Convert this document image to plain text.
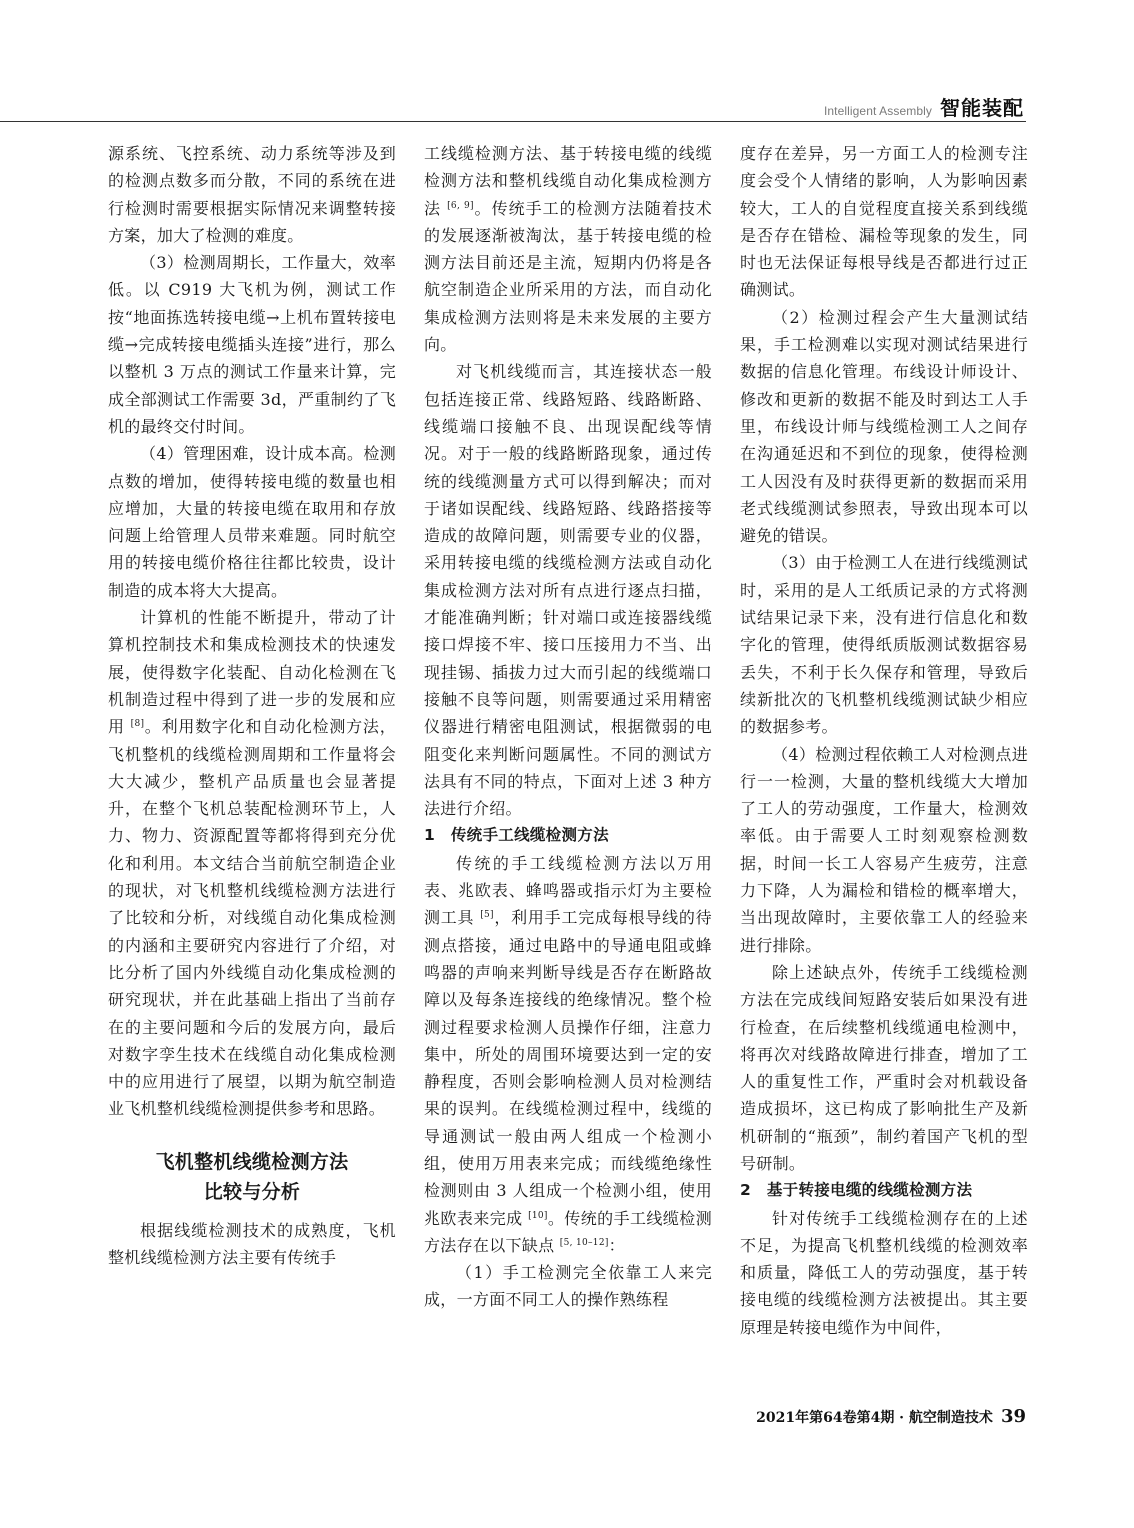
Intelligent Assembly 智能装配

源系统、飞控系统、动力系统等涉及到的检测点数多而分散，不同的系统在进行检测时需要根据实际情况来调整转接方案，加大了检测的难度。

（3）检测周期长，工作量大，效率低。以 C919 大飞机为例，测试工作按“地面拣选转接电缆→上机布置转接电缆→完成转接电缆插头连接”进行，那么以整机 3 万点的测试工作量来计算，完成全部测试工作需要 3d，严重制约了飞机的最终交付时间。

（4）管理困难，设计成本高。检测点数的增加，使得转接电缆的数量也相应增加，大量的转接电缆在取用和存放问题上给管理人员带来难题。同时航空用的转接电缆价格往往都比较贵，设计制造的成本将大大提高。

计算机的性能不断提升，带动了计算机控制技术和集成检测技术的快速发展，使得数字化装配、自动化检测在飞机制造过程中得到了进一步的发展和应用 [8]。利用数字化和自动化检测方法，飞机整机的线缆检测周期和工作量将会大大减少，整机产品质量也会显著提升，在整个飞机总装配检测环节上，人力、物力、资源配置等都将得到充分优化和利用。本文结合当前航空制造企业的现状，对飞机整机线缆检测方法进行了比较和分析，对线缆自动化集成检测的内涵和主要研究内容进行了介绍，对比分析了国内外线缆自动化集成检测的研究现状，并在此基础上指出了当前存在的主要问题和今后的发展方向，最后对数字孪生技术在线缆自动化集成检测中的应用进行了展望，以期为航空制造业飞机整机线缆检测提供参考和思路。

飞机整机线缆检测方法
比较与分析

根据线缆检测技术的成熟度，飞机整机线缆检测方法主要有传统手

工线缆检测方法、基于转接电缆的线缆检测方法和整机线缆自动化集成检测方法 [6, 9]。传统手工的检测方法随着技术的发展逐渐被淘汰，基于转接电缆的检测方法目前还是主流，短期内仍将是各航空制造企业所采用的方法，而自动化集成检测方法则将是未来发展的主要方向。

对飞机线缆而言，其连接状态一般包括连接正常、线路短路、线路断路、线缆端口接触不良、出现误配线等情况。对于一般的线路断路现象，通过传统的线缆测量方式可以得到解决；而对于诸如误配线、线路短路、线路搭接等造成的故障问题，则需要专业的仪器，采用转接电缆的线缆检测方法或自动化集成检测方法对所有点进行逐点扫描，才能准确判断；针对端口或连接器线缆接口焊接不牢、接口压接用力不当、出现挂锡、插拔力过大而引起的线缆端口接触不良等问题，则需要通过采用精密仪器进行精密电阻测试，根据微弱的电阻变化来判断问题属性。不同的测试方法具有不同的特点，下面对上述 3 种方法进行介绍。

1　传统手工线缆检测方法

传统的手工线缆检测方法以万用表、兆欧表、蜂鸣器或指示灯为主要检测工具 [5]，利用手工完成每根导线的待测点搭接，通过电路中的导通电阻或蜂鸣器的声响来判断导线是否存在断路故障以及每条连接线的绝缘情况。整个检测过程要求检测人员操作仔细，注意力集中，所处的周围环境要达到一定的安静程度，否则会影响检测人员对检测结果的误判。在线缆检测过程中，线缆的导通测试一般由两人组成一个检测小组，使用万用表来完成；而线缆绝缘性检测则由 3 人组成一个检测小组，使用兆欧表来完成 [10]。传统的手工线缆检测方法存在以下缺点 [5, 10–12]：

（1）手工检测完全依靠工人来完成，一方面不同工人的操作熟练程

度存在差异，另一方面工人的检测专注度会受个人情绪的影响，人为影响因素较大，工人的自觉程度直接关系到线缆是否存在错检、漏检等现象的发生，同时也无法保证每根导线是否都进行过正确测试。

（2）检测过程会产生大量测试结果，手工检测难以实现对测试结果进行数据的信息化管理。布线设计师设计、修改和更新的数据不能及时到达工人手里，布线设计师与线缆检测工人之间存在沟通延迟和不到位的现象，使得检测工人因没有及时获得更新的数据而采用老式线缆测试参照表，导致出现本可以避免的错误。

（3）由于检测工人在进行线缆测试时，采用的是人工纸质记录的方式将测试结果记录下来，没有进行信息化和数字化的管理，使得纸质版测试数据容易丢失，不利于长久保存和管理，导致后续新批次的飞机整机线缆测试缺少相应的数据参考。

（4）检测过程依赖工人对检测点进行一一检测，大量的整机线缆大大增加了工人的劳动强度，工作量大，检测效率低。由于需要人工时刻观察检测数据，时间一长工人容易产生疲劳，注意力下降，人为漏检和错检的概率增大，当出现故障时，主要依靠工人的经验来进行排除。

除上述缺点外，传统手工线缆检测方法在完成线间短路安装后如果没有进行检查，在后续整机线缆通电检测中，将再次对线路故障进行排查，增加了工人的重复性工作，严重时会对机载设备造成损坏，这已构成了影响批生产及新机研制的“瓶颈”，制约着国产飞机的型号研制。

2　基于转接电缆的线缆检测方法

针对传统手工线缆检测存在的上述不足，为提高飞机整机线缆的检测效率和质量，降低工人的劳动强度，基于转接电缆的线缆检测方法被提出。其主要原理是转接电缆作为中间件，

2021年第64卷第4期 · 航空制造技术 39
